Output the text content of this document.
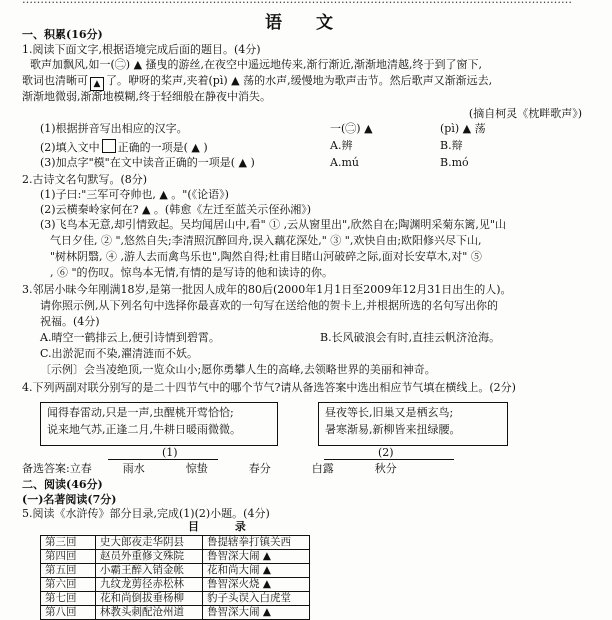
语 文
一、积累(16分)
1.阅读下面文字,根据语境完成后面的题目。(4分)
歌声加飘风,如一(㊁) ▲ 搔曳的游丝,在夜空中遥远地传来,渐行渐近,渐渐地清越,终于到了窗下,
歌词也清晰可 ▲ 了。咿呀的桨声,夹着(pì) ▲ 荡的水声,缓慢地为歌声击节。然后歌声又渐渐远去,
渐渐地微弱,渐渐地模糊,终于轻细般在静夜中消失。
(摘自柯灵《枕畔歌声》)
(1)根据拼音写出相应的汉字。	一(㊁) ▲	(pì) ▲ 荡
(2)填入文中 正确的一项是( ▲ )	A.辨	B.辩
(3)加点字"模"在文中读音正确的一项是( ▲ )	A.mú	B.mó
2.古诗文名句默写。(8分)
(1)子曰:"三军可夺帅也, ▲ 。"(《论语》)
(2)云横秦岭家何在? ▲ 。(韩愈《左迁至蓝关示侄孙湘》)
(3)飞鸟本无意,却引情致起。吴均闻居山中,看" ① ,云从窗里出",欣然自在;陶渊明采菊东篱,见"山
气日夕佳, ② ",悠然自失;李清照沉醉回舟,误入藕花深处," ③ ",欢快自由;欧阳修兴尽下山,
"树林阴翳, ④ ,游人去而禽鸟乐也",陶然自得;杜甫目睹山河破碎之际,面对长安草木,对" ⑤
, ⑥ "的伤叹。惊鸟本无情,有情的是写诗的他和读诗的你。
3.邻居小昧今年刚满18岁,是第一批因人成年的80后(2000年1月1日至2009年12月31日出生的人)。
请你照示例,从下列名句中选择你最喜欢的一句写在送给他的贺卡上,并根据所选的名句写出你的
祝福。(4分)
A.晴空一鹤排云上,便引诗情到碧霄。	B.长风破浪会有时,直挂云帆济沧海。
C.出淤泥而不染,濯清涟而不妖。
〔示例〕会当凌绝顶,一览众山小;愿你勇攀人生的高峰,去领略世界的美丽和神奇。
4.下列两副对联分别写的是二十四节气中的哪个节气?请从备选答案中选出相应节气填在横线上。(2分)
闻得春雷动,只是一声,虫醒桃开莺恰恰;
说来地气苏,正逢二月,牛耕日暖雨微微。
昼夜等长,旧巢又是栖玄鸟;
暑寒渐易,新柳皆来扭绿腰。
(1)	(2)
备选答案:立春	雨水	惊蛰	春分	白露	秋分
二、阅读(46分)
(一)名著阅读(7分)
5.阅读《水浒传》部分目录,完成(1)(2)小题。(4分)
目 录
第三回	史大郎夜走华阴县	鲁提辖拳打镇关西
第四回	赵员外重修文殊院	鲁智深大闹 ▲
第五回	小霸王醉入销金帐	花和尚大闹 ▲
第六回	九纹龙剪径赤松林	鲁智深火烧 ▲
第七回	花和尚倒拔垂杨柳	豹子头误入白虎堂
第八回	林教头刺配沧州道	鲁智深大闹 ▲
